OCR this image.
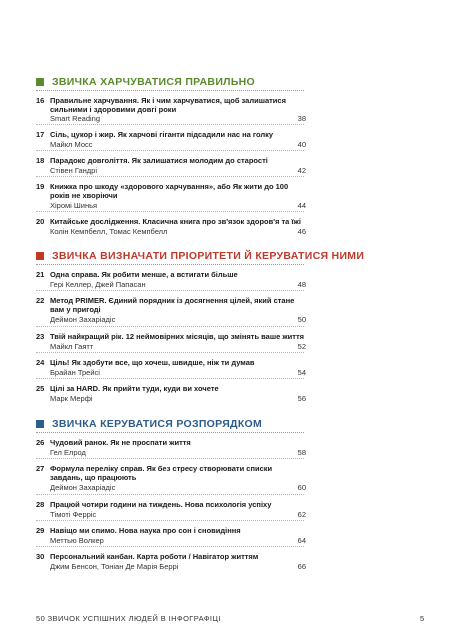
ЗВИЧКА ХАРЧУВАТИСЯ ПРАВИЛЬНО
16 Правильне харчування. Як і чим харчуватися, щоб залишатися сильними і здоровими довгі роки
Smart Reading	38
17 Сіль, цукор і жир. Як харчові гіганти підсадили нас на голку
Майкл Мосс	40
18 Парадокс довголіття. Як залишатися молодим до старості
Стівен Гандрі	42
19 Книжка про шкоду «здорового харчування», або Як жити до 100 років не хворіючи
Хіромі Шинья	44
20 Китайське дослідження. Класична книга про зв'язок здоров'я та їжі
Колін Кемпбелл, Томас Кемпбелл	46
ЗВИЧКА ВИЗНАЧАТИ ПРІОРИТЕТИ Й КЕРУВАТИСЯ НИМИ
21 Одна справа. Як робити менше, а встигати більше
Гері Келлер, Джей Папасан	48
22 Метод PRIMER. Єдиний порядник із досягнення цілей, який стане вам у пригоді
Деймон Захаріадіс	50
23 Твій найкращий рік. 12 неймовірних місяців, що змінять ваше життя
Майкл Гаятт	52
24 Ціль! Як здобути все, що хочеш, швидше, ніж ти думав
Брайан Трейсі	54
25 Цілі за HARD. Як прийти туди, куди ви хочете
Марк Мерфі	56
ЗВИЧКА КЕРУВАТИСЯ РОЗПОРЯДКОМ
26 Чудовий ранок. Як не проспати життя
Гел Елрод	58
27 Формула переліку справ. Як без стресу створювати списки завдань, що працюють
Деймон Захаріадіс	60
28 Працюй чотири години на тиждень. Нова психологія успіху
Тімоті Ферріс	62
29 Навіщо ми спимо. Нова наука про сон і сновидіння
Меттью Волкер	64
30 Персональний канбан. Карта роботи / Навігатор життям
Джим Бенсон, Тоніан Де Марія Беррі	66
50 ЗВИЧОК УСПІШНИХ ЛЮДЕЙ В ІНФОГРАФІЦІ	5
